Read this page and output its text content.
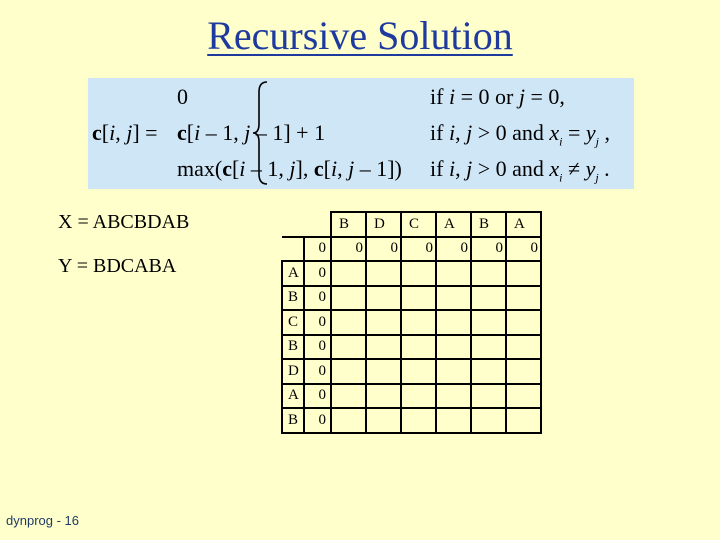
Recursive Solution
c[i, j] =
0
c[i – 1, j – 1] + 1
max(c[i – 1, j], c[i, j – 1])
if i = 0 or j = 0,
if i, j > 0 and $x_i = y_j$ ,
if i, j > 0 and $x_i \ne y_j$ .
X = ABCBDAB
Y = BDCABA
		B	D	C	A	B	A
	0	0	0	0	0	0	0
A	0						
B	0						
C	0						
B	0						
D	0						
A	0						
B	0						
dynprog - 16
